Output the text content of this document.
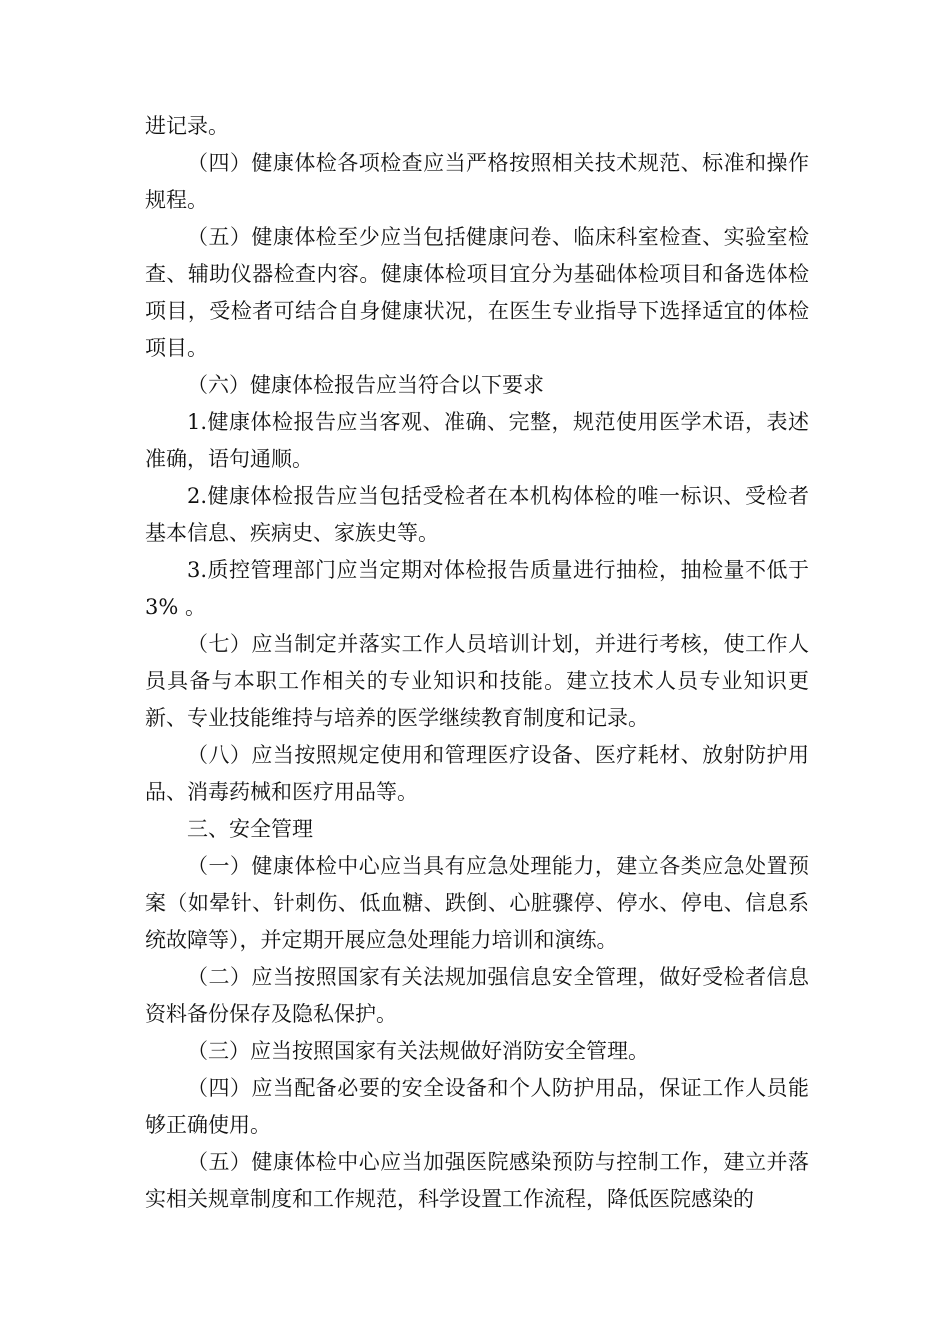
进记录。

（四）健康体检各项检查应当严格按照相关技术规范、标准和操作规程。

（五）健康体检至少应当包括健康问卷、临床科室检查、实验室检查、辅助仪器检查内容。健康体检项目宜分为基础体检项目和备选体检项目，受检者可结合自身健康状况，在医生专业指导下选择适宜的体检项目。

（六）健康体检报告应当符合以下要求

1.健康体检报告应当客观、准确、完整，规范使用医学术语，表述准确，语句通顺。

2.健康体检报告应当包括受检者在本机构体检的唯一标识、受检者基本信息、疾病史、家族史等。

3.质控管理部门应当定期对体检报告质量进行抽检，抽检量不低于 3% 。

（七）应当制定并落实工作人员培训计划，并进行考核，使工作人员具备与本职工作相关的专业知识和技能。建立技术人员专业知识更新、专业技能维持与培养的医学继续教育制度和记录。

（八）应当按照规定使用和管理医疗设备、医疗耗材、放射防护用品、消毒药械和医疗用品等。

三、安全管理

（一）健康体检中心应当具有应急处理能力，建立各类应急处置预案（如晕针、针刺伤、低血糖、跌倒、心脏骤停、停水、停电、信息系统故障等），并定期开展应急处理能力培训和演练。

（二）应当按照国家有关法规加强信息安全管理，做好受检者信息资料备份保存及隐私保护。

（三）应当按照国家有关法规做好消防安全管理。

（四）应当配备必要的安全设备和个人防护用品，保证工作人员能够正确使用。

（五）健康体检中心应当加强医院感染预防与控制工作，建立并落实相关规章制度和工作规范，科学设置工作流程，降低医院感染的
